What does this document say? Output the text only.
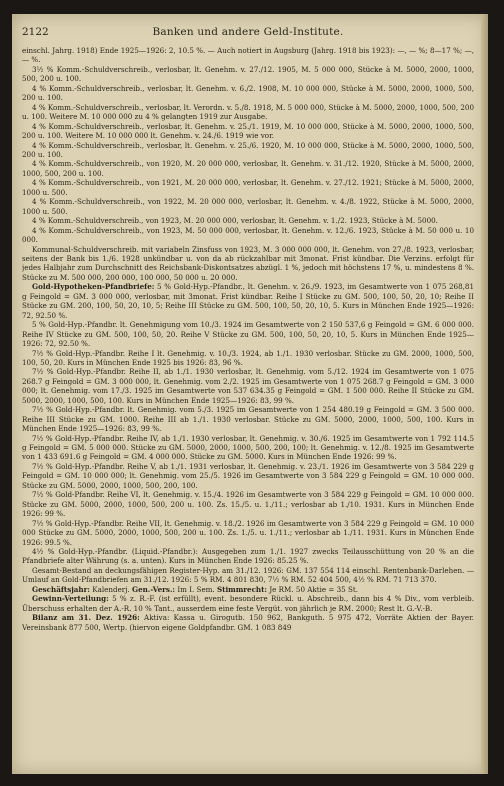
2122	Banken und andere Geld-Institute.

einschl. Jahrg. 1918) Ende 1925—1926: 2, 10.5 %. — Auch notiert in Augsburg (Jahrg. 1918 bis 1923): —, — %; 8—17 %; —, — %.

3½ % Komm.-Schuldverschreib., verlosbar, lt. Genehm. v. 27./12. 1905, M. 5 000 000, Stücke à M. 5000, 2000, 1000, 500, 200 u. 100.

4 % Komm.-Schuldverschreib., verlosbar, lt. Genehm. v. 6./2. 1908, M. 10 000 000, Stücke à M. 5000, 2000, 1000, 500, 200 u. 100.

4 % Komm.-Schuldverschreib., verlosbar, lt. Verordn. v. 5./8. 1918, M. 5 000 000, Stücke à M. 5000, 2000, 1000, 500, 200 u. 100. Weitere M. 10 000 000 zu 4 % gelangten 1919 zur Ausgabe.

4 % Komm.-Schuldverschreib., verlosbar, lt. Genehm. v. 25./1. 1919, M. 10 000 000, Stücke à M. 5000, 2000, 1000, 500, 200 u. 100. Weitere M. 10 000 000 lt. Genehm. v. 24./6. 1919 wie vor.

4 % Komm.-Schuldverschreib., verlosbar, lt. Genehm. v. 25./6. 1920, M. 10 000 000, Stücke à M. 5000, 2000, 1000, 500, 200 u. 100.

4 % Komm.-Schuldverschreib., von 1920, M. 20 000 000, verlosbar, lt. Genehm. v. 31./12. 1920, Stücke à M. 5000, 2000, 1000, 500, 200 u. 100.

4 % Komm.-Schuldverschreib., von 1921, M. 20 000 000, verlosbar, lt. Genehm. v. 27./12. 1921; Stücke à M. 5000, 2000, 1000 u. 500.

4 % Komm.-Schuldverschreib., von 1922, M. 20 000 000, verlosbar, lt. Genehm. v. 4./8. 1922, Stücke à M. 5000, 2000, 1000 u. 500.

4 % Komm.-Schuldverschreib., von 1923, M. 20 000 000, verlosbar, lt. Genehm. v. 1./2. 1923, Stücke à M. 5000.

4 % Komm.-Schuldverschreib., von 1923, M. 50 000 000, verlosbar, lt. Genehm. v. 12./6. 1923, Stücke à M. 50 000 u. 10 000.

Kommunal-Schuldverschreib. mit variabeln Zinsfuss von 1923, M. 3 000 000 000, lt. Genehm. von 27./8. 1923, verlosbar, seitens der Bank bis 1./6. 1928 unkündbar u. von da ab rückzahlbar mit 3monat. Frist kündbar. Die Verzins. erfolgt für jedes Halbjahr zum Durchschnitt des Reichsbank-Diskontsatzes abzügl. 1 %, jedoch mit höchstens 17 %, u. mindestens 8 %. Stücke zu M. 500 000, 200 000, 100 000, 50 000 u. 20 000.

Gold-Hypotheken-Pfandbriefe: 5 % Gold-Hyp.-Pfandbr., lt. Genehm. v. 26./9. 1923, im Gesamtwerte von 1 075 268,81 g Feingold = GM. 3 000 000, verlosbar, mit 3monat. Frist kündbar. Reihe I Stücke zu GM. 500, 100, 50, 20, 10; Reihe II Stücke zu GM. 200, 100, 50, 20, 10, 5; Reihe III Stücke zu GM. 500, 100, 50, 20, 10, 5. Kurs in München Ende 1925—1926: 72, 92.50 %.

5 % Gold-Hyp.-Pfandbr. lt. Genehmigung vom 10./3. 1924 im Gesamtwerte von 2 150 537,6 g Feingold = GM. 6 000 000. Reihe IV Stücke zu GM. 500, 100, 50, 20. Reihe V Stücke zu GM. 500, 100, 50, 20, 10, 5. Kurs in München Ende 1925—1926: 72, 92.50 %.

7½ % Gold-Hyp.-Pfandbr. Reihe I lt. Genehmig. v. 10./3. 1924, ab 1./1. 1930 verlosbar. Stücke zu GM. 2000, 1000, 500, 100, 50, 20. Kurs in München Ende 1925 bis 1926: 83, 96 %.

7½ % Gold-Hyp.-Pfandbr. Reihe II, ab 1./1. 1930 verlosbar, lt. Genehmig. vom 5./12. 1924 im Gesamtwerte von 1 075 268.7 g Feingold = GM. 3 000 000, lt. Genehmig. vom 2./2. 1925 im Gesamtwerte von 1 075 268.7 g Feingold = GM. 3 000 000; lt. Genehmig. vom 17./3. 1925 im Gesamtwerte von 537 634.35 g Feingold = GM. 1 500 000. Reihe II Stücke zu GM. 5000, 2000, 1000, 500, 100. Kurs in München Ende 1925—1926: 83, 99 %.

7½ % Gold-Hyp.-Pfandbr. lt. Genehmig. vom 5./3. 1925 im Gesamtwerte von 1 254 480.19 g Feingold = GM. 3 500 000. Reihe III Stücke zu GM. 1000. Reihe III ab 1./1. 1930 verlosbar. Stücke zu GM. 5000, 2000, 1000, 500, 100. Kurs in München Ende 1925—1926: 83, 99 %.

7½ % Gold-Hyp.-Pfandbr. Reihe IV, ab 1./1. 1930 verlosbar, lt. Genehmig. v. 30./6. 1925 im Gesamtwerte von 1 792 114.5 g Feingold = GM. 5 000 000. Stücke zu GM. 5000, 2000, 1000, 500, 200, 100; lt. Genehmig. v. 12./8. 1925 im Gesamtwerte von 1 433 691.6 g Feingold = GM. 4 000 000. Stücke zu GM. 5000. Kurs in München Ende 1926: 99 %.

7½ % Gold-Hyp.-Pfandbr. Reihe V, ab 1./1. 1931 verlosbar, lt. Genehmig. v. 23./1. 1926 im Gesamtwerte von 3 584 229 g Feingold = GM. 10 000 000; lt. Genehmig. vom 25./5. 1926 im Gesamtwerte von 3 584 229 g Feingold = GM. 10 000 000. Stücke zu GM. 5000, 2000, 1000, 500, 200, 100.

7½ % Gold-Pfandbr. Reihe VI, lt. Genehmig. v. 15./4. 1926 im Gesamtwerte von 3 584 229 g Feingold = GM. 10 000 000. Stücke zu GM. 5000, 2000, 1000, 500, 200 u. 100. Zs. 15./5. u. 1./11.; verlosbar ab 1./10. 1931. Kurs in München Ende 1926: 99 %.

7½ % Gold-Hyp.-Pfandbr. Reihe VII, lt. Genehmig. v. 18./2. 1926 im Gesamtwerte von 3 584 229 g Feingold = GM. 10 000 000 Stücke zu GM. 5000, 2000, 1000, 500, 200 u. 100. Zs. 1./5. u. 1./11.; verlosbar ab 1./11. 1931. Kurs in München Ende 1926: 99.5 %.

4½ % Gold-Hyp.-Pfandbr. (Liquid.-Pfandbr.): Ausgegeben zum 1./1. 1927 zwecks Teilausschüttung von 20 % an die Pfandbriefe alter Währung (s. a. unten). Kurs in München Ende 1926: 85.25 %.

Gesamt-Bestand an deckungsfähigen Register-Hyp. am 31./12. 1926: GM. 137 554 114 einschl. Rentenbank-Darlehen. — Umlauf an Gold-Pfandbriefen am 31./12. 1926: 5 % RM. 4 801 830, 7½ % RM. 52 404 500, 4½ % RM. 71 713 370.

Geschäftsjahr: Kalenderj. Gen.-Vers.: Im I. Sem. Stimmrecht: Je RM. 50 Aktie = 35 St.

Gewinn-Verteilung: 5 % z. R.-F. (ist erfüllt), event. besondere Rückl. u. Abschreib., dann bis 4 % Div., vom verbleib. Überschuss erhalten der A.-R. 10 % Tant., ausserdem eine feste Vergüt. von jährlich je RM. 2000; Rest lt. G.-V.-B.

Bilanz am 31. Dez. 1926: Aktiva: Kassa u. Girogutb. 150 962, Bankguth. 5 975 472, Vorräte Aktien der Bayer. Vereinsbank 877 500, Wertp. (hiervon eigene Goldpfandbr. GM. 1 083 849
